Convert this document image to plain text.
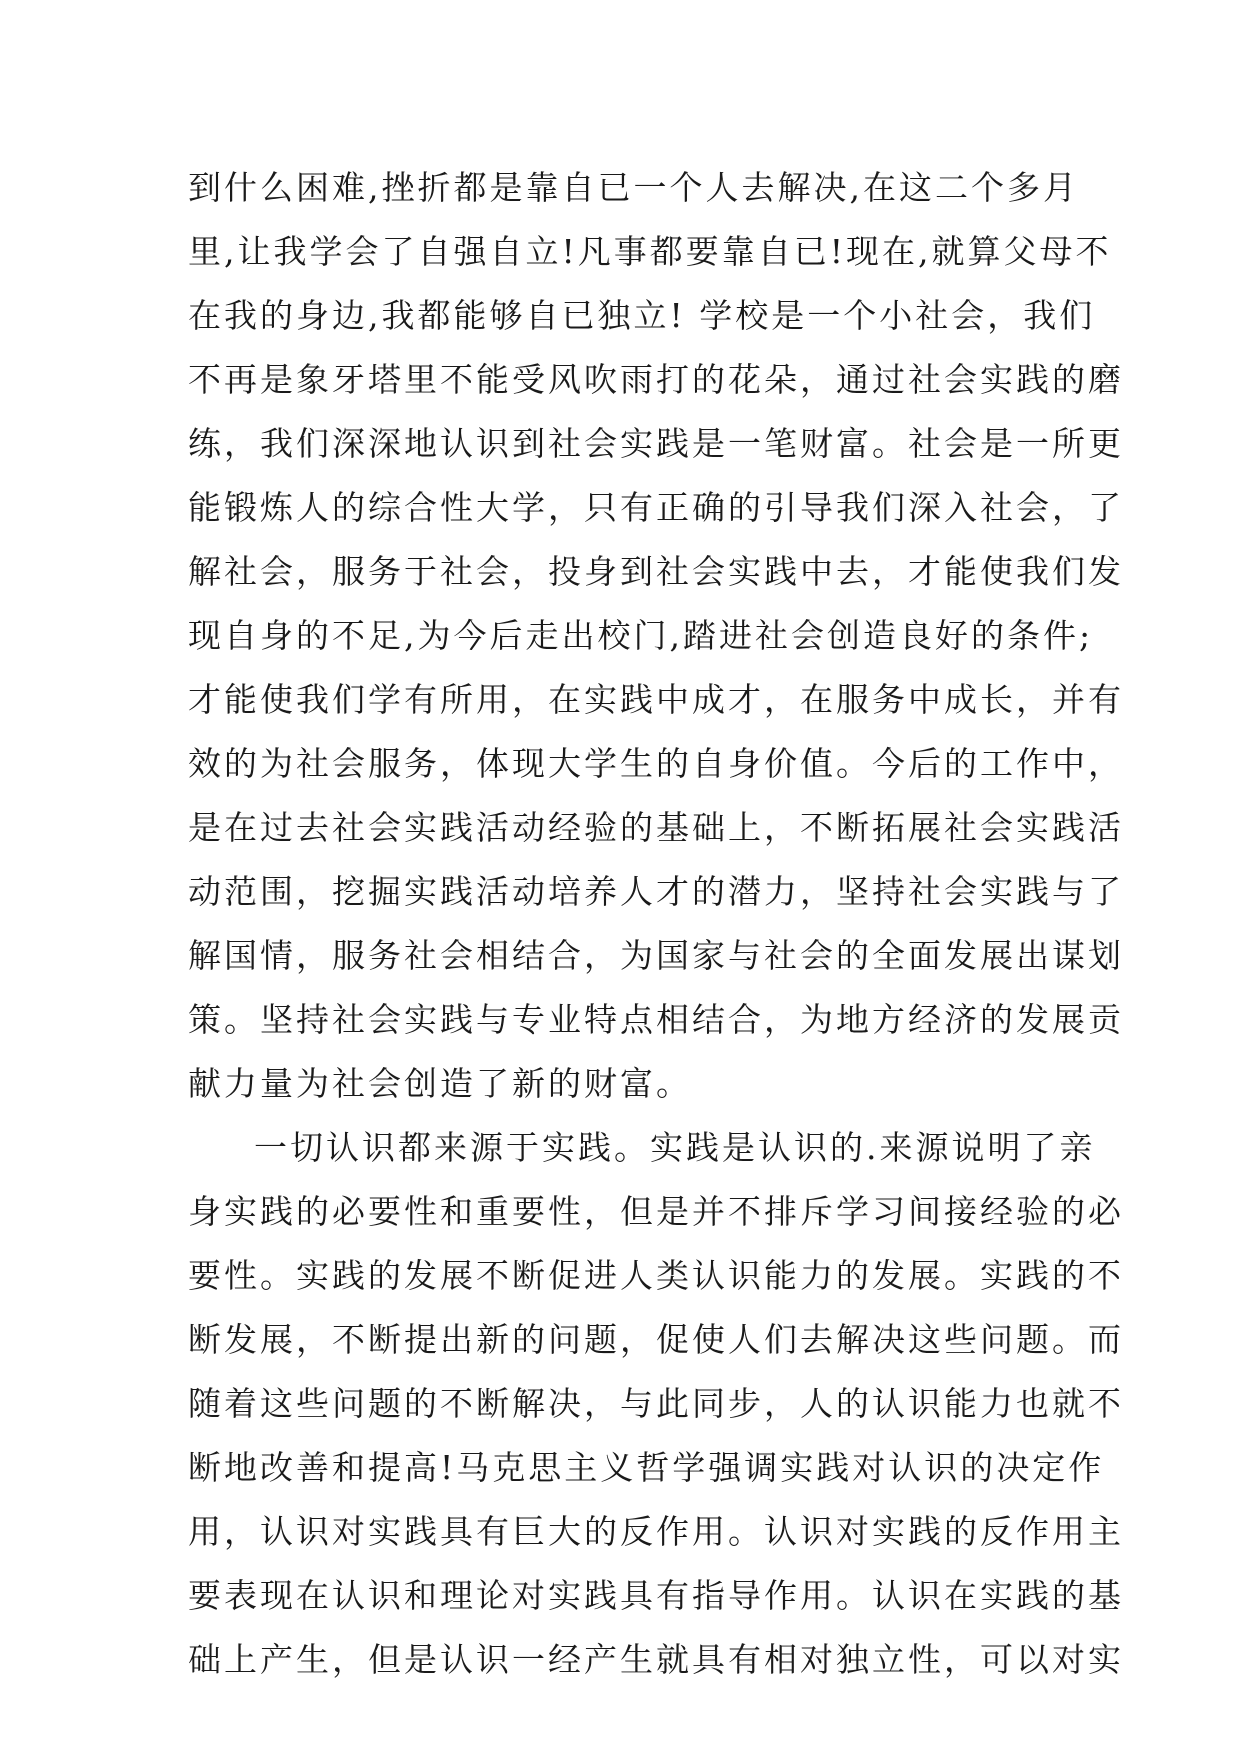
到什么困难,挫折都是靠自已一个人去解决,在这二个多月
里,让我学会了自强自立!凡事都要靠自已!现在,就算父母不
在我的身边,我都能够自已独立! 学校是一个小社会，我们
不再是象牙塔里不能受风吹雨打的花朵，通过社会实践的磨
练，我们深深地认识到社会实践是一笔财富。社会是一所更
能锻炼人的综合性大学，只有正确的引导我们深入社会，了
解社会，服务于社会，投身到社会实践中去，才能使我们发
现自身的不足,为今后走出校门,踏进社会创造良好的条件;
才能使我们学有所用，在实践中成才，在服务中成长，并有
效的为社会服务，体现大学生的自身价值。今后的工作中，
是在过去社会实践活动经验的基础上，不断拓展社会实践活
动范围，挖掘实践活动培养人才的潜力，坚持社会实践与了
解国情，服务社会相结合，为国家与社会的全面发展出谋划
策。坚持社会实践与专业特点相结合，为地方经济的发展贡
献力量为社会创造了新的财富。
一切认识都来源于实践。实践是认识的.来源说明了亲
身实践的必要性和重要性，但是并不排斥学习间接经验的必
要性。实践的发展不断促进人类认识能力的发展。实践的不
断发展，不断提出新的问题，促使人们去解决这些问题。而
随着这些问题的不断解决，与此同步，人的认识能力也就不
断地改善和提高!马克思主义哲学强调实践对认识的决定作
用，认识对实践具有巨大的反作用。认识对实践的反作用主
要表现在认识和理论对实践具有指导作用。认识在实践的基
础上产生，但是认识一经产生就具有相对独立性，可以对实
